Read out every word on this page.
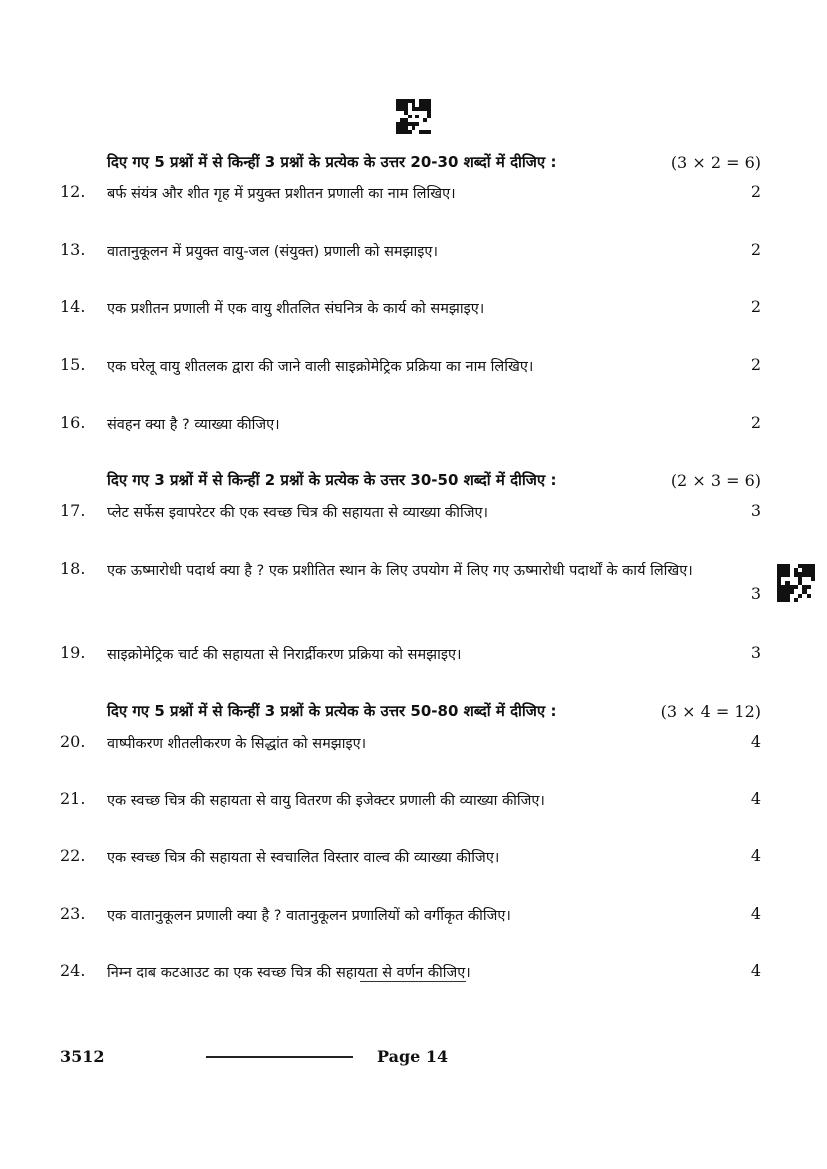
दिए गए 5 प्रश्नों में से किन्हीं 3 प्रश्नों के प्रत्येक के उत्तर 20-30 शब्दों में दीजिए :	(3 × 2 = 6)
12.	बर्फ संयंत्र और शीत गृह में प्रयुक्त प्रशीतन प्रणाली का नाम लिखिए।	2
13.	वातानुकूलन में प्रयुक्त वायु-जल (संयुक्त) प्रणाली को समझाइए।	2
14.	एक प्रशीतन प्रणाली में एक वायु शीतलित संघनित्र के कार्य को समझाइए।	2
15.	एक घरेलू वायु शीतलक द्वारा की जाने वाली साइक्रोमेट्रिक प्रक्रिया का नाम लिखिए।	2
16.	संवहन क्या है ? व्याख्या कीजिए।	2
दिए गए 3 प्रश्नों में से किन्हीं 2 प्रश्नों के प्रत्येक के उत्तर 30-50 शब्दों में दीजिए :	(2 × 3 = 6)
17.	प्लेट सर्फेस इवापरेटर की एक स्वच्छ चित्र की सहायता से व्याख्या कीजिए।	3
18.	एक ऊष्मारोधी पदार्थ क्या है ? एक प्रशीतित स्थान के लिए उपयोग में लिए गए ऊष्मारोधी पदार्थों के कार्य लिखिए।
3
19.	साइक्रोमेट्रिक चार्ट की सहायता से निरार्द्रीकरण प्रक्रिया को समझाइए।	3
दिए गए 5 प्रश्नों में से किन्हीं 3 प्रश्नों के प्रत्येक के उत्तर 50-80 शब्दों में दीजिए :	(3 × 4 = 12)
20.	वाष्पीकरण शीतलीकरण के सिद्धांत को समझाइए।	4
21.	एक स्वच्छ चित्र की सहायता से वायु वितरण की इजेक्टर प्रणाली की व्याख्या कीजिए।	4
22.	एक स्वच्छ चित्र की सहायता से स्वचालित विस्तार वाल्व की व्याख्या कीजिए।	4
23.	एक वातानुकूलन प्रणाली क्या है ? वातानुकूलन प्रणालियों को वर्गीकृत कीजिए।	4
24.	निम्न दाब कटआउट का एक स्वच्छ चित्र की सहायता से वर्णन कीजिए।	4
3512	Page 14
